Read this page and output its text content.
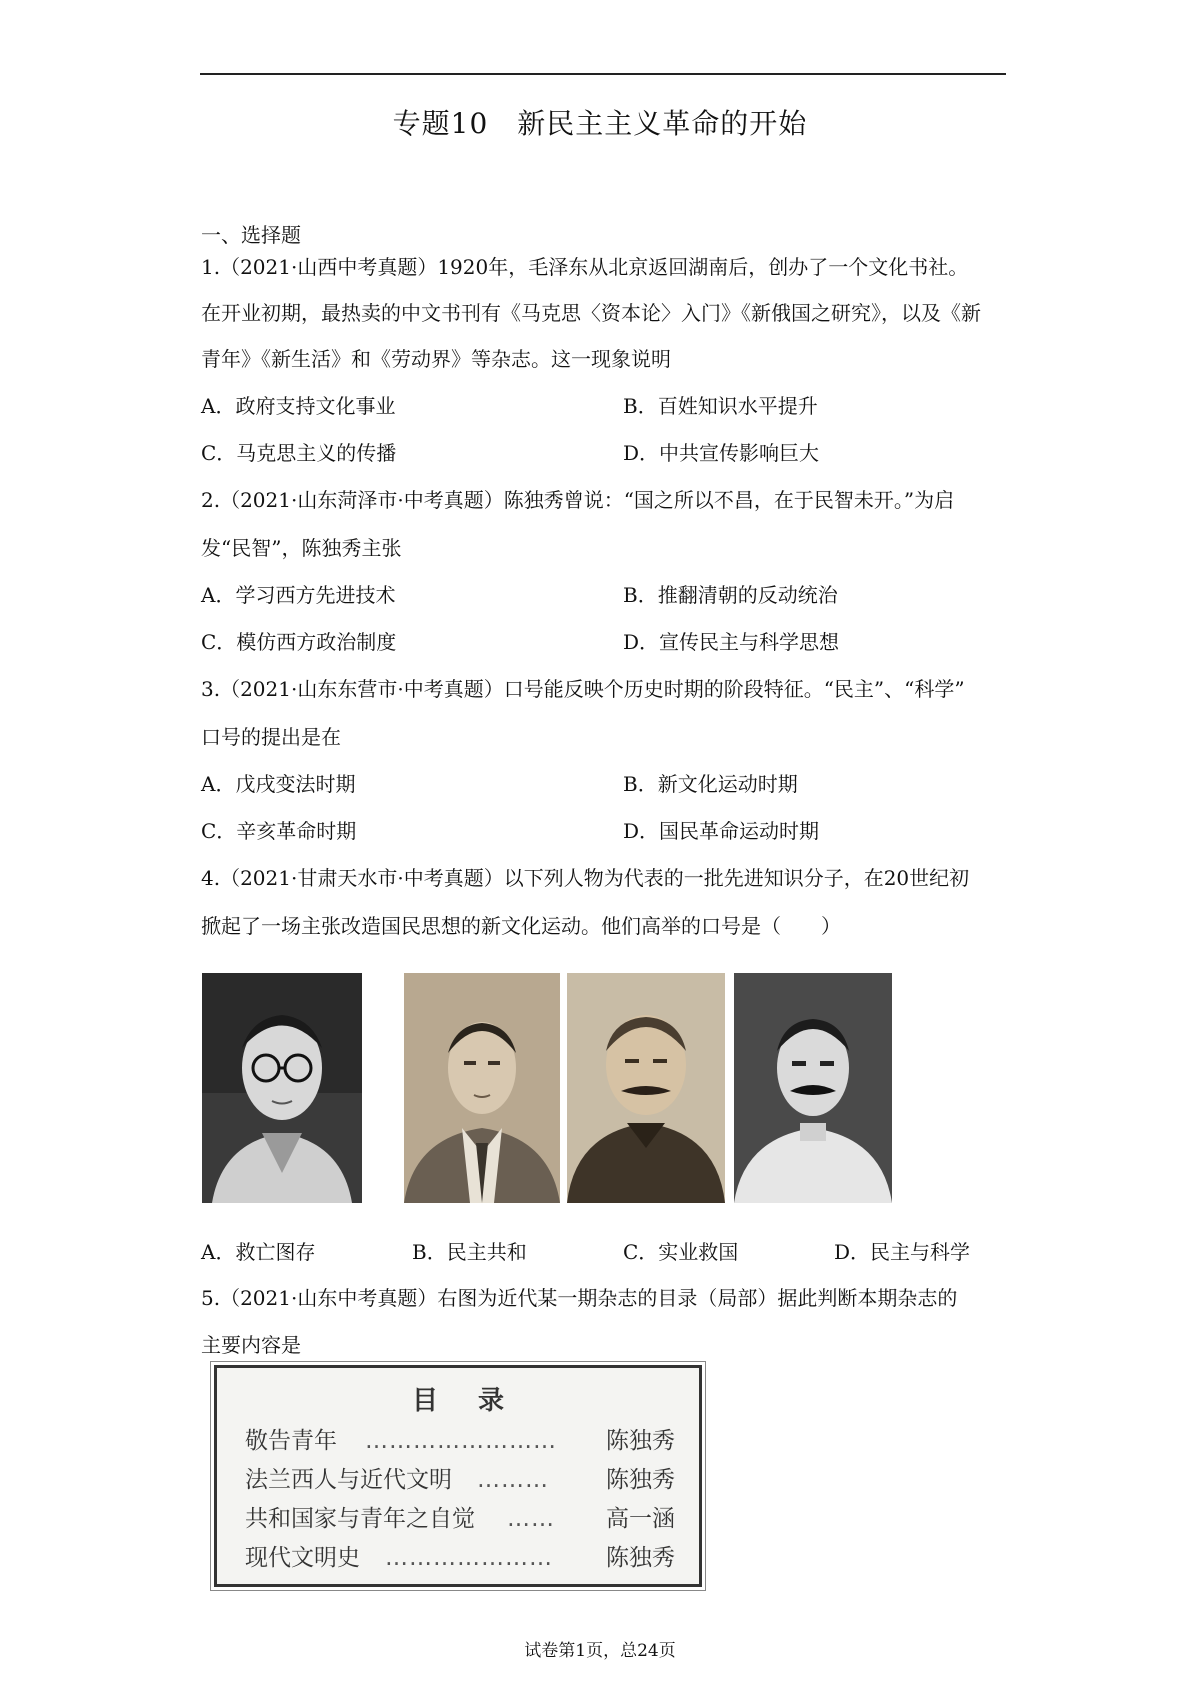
专题10　新民主主义革命的开始
一、选择题
1.（2021·山西中考真题）1920年，毛泽东从北京返回湖南后，创办了一个文化书社。
在开业初期，最热卖的中文书刊有《马克思〈资本论〉入门》《新俄国之研究》，以及《新
青年》《新生活》和《劳动界》等杂志。这一现象说明
A．政府支持文化事业	B．百姓知识水平提升
C．马克思主义的传播	D．中共宣传影响巨大
2.（2021·山东菏泽市·中考真题）陈独秀曾说：“国之所以不昌，在于民智未开。”为启
发“民智”，陈独秀主张
A．学习西方先进技术	B．推翻清朝的反动统治
C．模仿西方政治制度	D．宣传民主与科学思想
3.（2021·山东东营市·中考真题）口号能反映个历史时期的阶段特征。“民主”、“科学”
口号的提出是在
A．戊戌变法时期	B．新文化运动时期
C．辛亥革命时期	D．国民革命运动时期
4.（2021·甘肃天水市·中考真题）以下列人物为代表的一批先进知识分子，在20世纪初
掀起了一场主张改造国民思想的新文化运动。他们高举的口号是（　　）
A．救亡图存	B．民主共和	C．实业救国	D．民主与科学
5.（2021·山东中考真题）右图为近代某一期杂志的目录（局部）据此判断本期杂志的
主要内容是
目录
敬告青年 …………………… 陈独秀
法兰西人与近代文明 ……… 陈独秀
共和国家与青年之自觉 …… 高一涵
现代文明史 ………………… 陈独秀
试卷第1页，总24页
